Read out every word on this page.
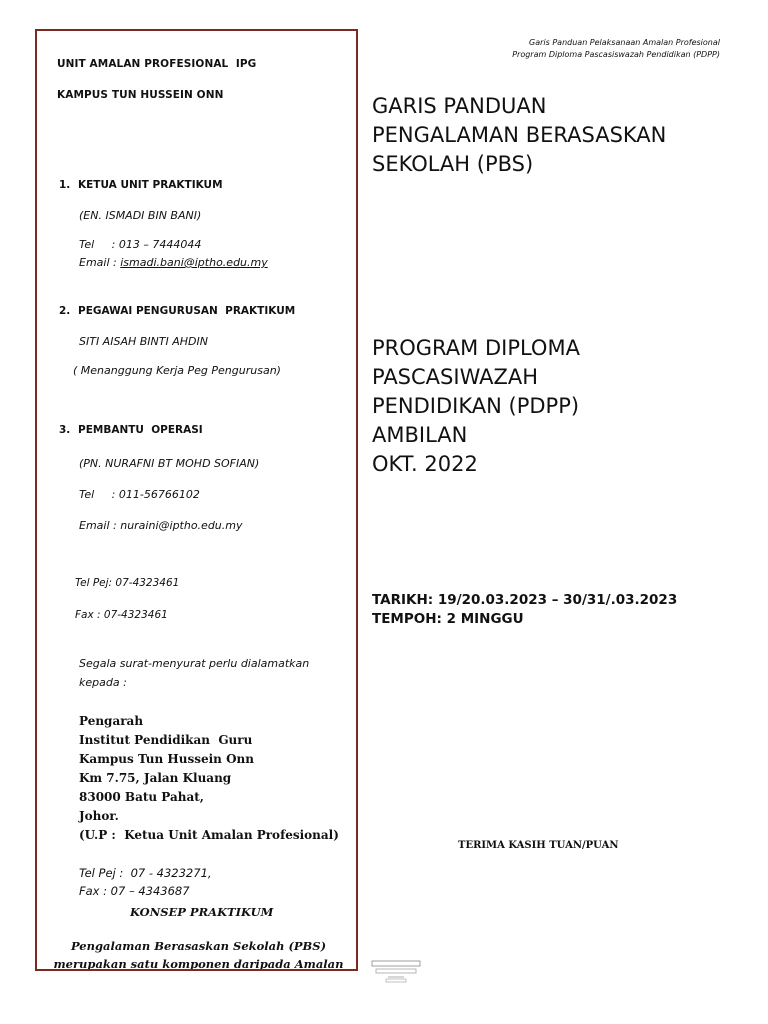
Garis Panduan Pelaksanaan Amalan Profesional
Program Diploma Pascasiswazah Pendidikan (PDPP)
UNIT AMALAN PROFESIONAL  IPG
KAMPUS TUN HUSSEIN ONN
1. KETUA UNIT PRAKTIKUM
(EN. ISMADI BIN BANI)
Tel     : 013 – 7444044
Email : ismadi.bani@iptho.edu.my
2. PEGAWAI PENGURUSAN  PRAKTIKUM
SITI AISAH BINTI AHDIN
( Menanggung Kerja Peg Pengurusan)
3. PEMBANTU  OPERASI
(PN. NURAFNI BT MOHD SOFIAN)
Tel     : 011-56766102
Email : nuraini@iptho.edu.my
Tel Pej: 07-4323461
Fax : 07-4323461
Segala surat-menyurat perlu dialamatkan
kepada :
Pengarah
Institut Pendidikan  Guru
Kampus Tun Hussein Onn
Km 7.75, Jalan Kluang
83000 Batu Pahat,
Johor.
(U.P :  Ketua Unit Amalan Profesional)
Tel Pej :  07 - 4323271,
Fax : 07 – 4343687
KONSEP PRAKTIKUM
Pengalaman Berasaskan Sekolah (PBS)
merupakan satu komponen daripada Amalan
GARIS PANDUAN
PENGALAMAN BERASASKAN
SEKOLAH (PBS)
PROGRAM DIPLOMA
PASCASIWAZAH
PENDIDIKAN (PDPP)
AMBILAN
OKT. 2022
TARIKH: 19/20.03.2023 – 30/31/.03.2023
TEMPOH: 2 MINGGU
TERIMA KASIH TUAN/PUAN
